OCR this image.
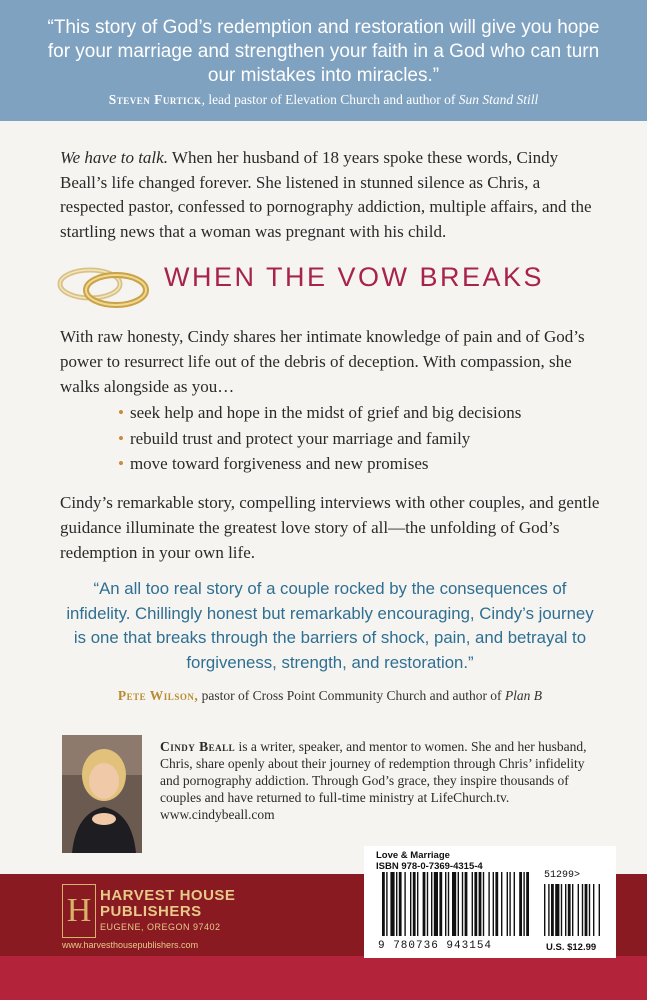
“This story of God’s redemption and restoration will give you hope for your marriage and strengthen your faith in a God who can turn our mistakes into miracles.”
Steven Furtick, lead pastor of Elevation Church and author of Sun Stand Still

We have to talk. When her husband of 18 years spoke these words, Cindy Beall’s life changed forever. She listened in stunned silence as Chris, a respected pastor, confessed to pornography addiction, multiple affairs, and the startling news that a woman was pregnant with his child.

WHEN THE VOW BREAKS

With raw honesty, Cindy shares her intimate knowledge of pain and of God’s power to resurrect life out of the debris of deception. With compassion, she walks alongside as you…

• seek help and hope in the midst of grief and big decisions
• rebuild trust and protect your marriage and family
• move toward forgiveness and new promises

Cindy’s remarkable story, compelling interviews with other couples, and gentle guidance illuminate the greatest love story of all—the unfolding of God’s redemption in your own life.

“An all too real story of a couple rocked by the consequences of infidelity. Chillingly honest but remarkably encouraging, Cindy’s journey is one that breaks through the barriers of shock, pain, and betrayal to forgiveness, strength, and restoration.”

Pete Wilson, pastor of Cross Point Community Church and author of Plan B

Cindy Beall is a writer, speaker, and mentor to women. She and her husband, Chris, share openly about their journey of redemption through Chris’ infidelity and pornography addiction. Through God’s grace, they inspire thousands of couples and have returned to full-time ministry at LifeChurch.tv.
www.cindybeall.com

H HARVEST HOUSE
PUBLISHERS
EUGENE, OREGON 97402
www.harvesthousepublishers.com
Love & Marriage
ISBN 978-0-7369-4315-4
51299>
9 780736 943154	U.S. $12.99
